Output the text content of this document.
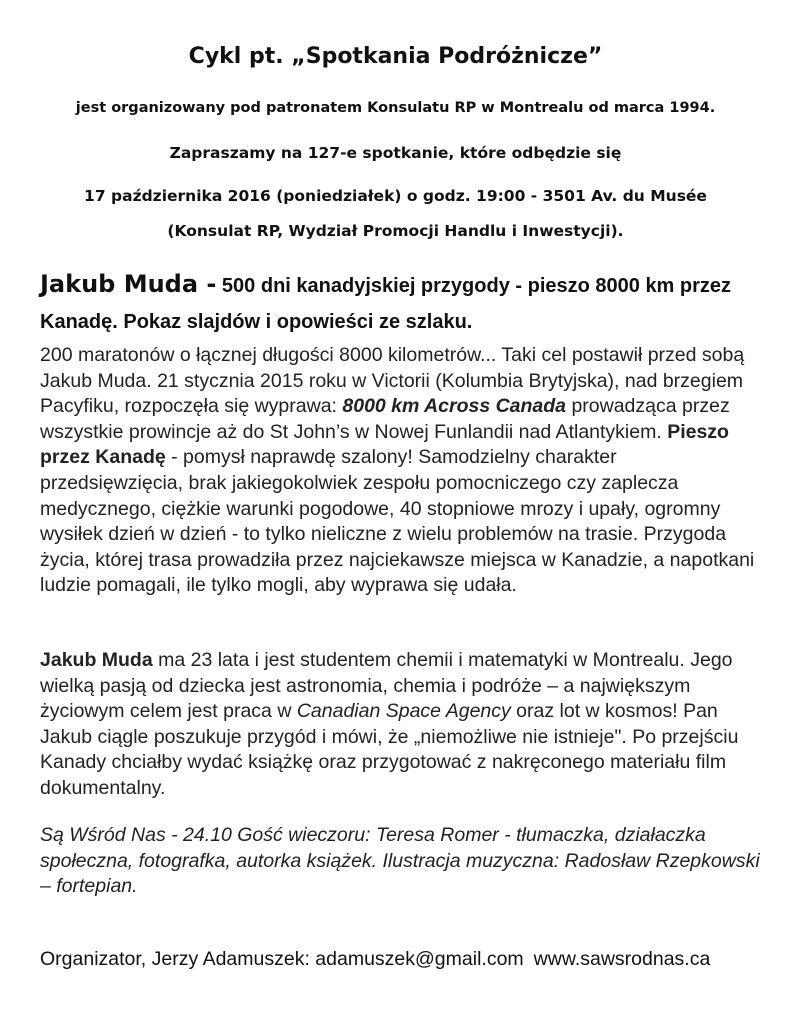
Cykl pt. „Spotkania Podróżnicze”
jest organizowany pod patronatem Konsulatu RP w Montrealu od marca 1994.
Zapraszamy na 127-e spotkanie, które odbędzie się
17 października 2016 (poniedziałek) o godz. 19:00 - 3501 Av. du Musée
(Konsulat RP, Wydział Promocji Handlu i Inwestycji).
Jakub Muda - 500 dni kanadyjskiej przygody - pieszo 8000 km przez Kanadę. Pokaz slajdów i opowieści ze szlaku.
200 maratonów o łącznej długości 8000 kilometrów... Taki cel postawił przed sobą Jakub Muda. 21 stycznia 2015 roku w Victorii (Kolumbia Brytyjska), nad brzegiem Pacyfiku, rozpoczęła się wyprawa: 8000 km Across Canada prowadząca przez wszystkie prowincje aż do St John’s w Nowej Funlandii nad Atlantykiem. Pieszo przez Kanadę - pomysł naprawdę szalony! Samodzielny charakter przedsięwzięcia, brak jakiegokolwiek zespołu pomocniczego czy zaplecza medycznego, ciężkie warunki pogodowe, 40 stopniowe mrozy i upały, ogromny wysiłek dzień w dzień - to tylko nieliczne z wielu problemów na trasie. Przygoda życia, której trasa prowadziła przez najciekawsze miejsca w Kanadzie, a napotkani ludzie pomagali, ile tylko mogli, aby wyprawa się udała.
Jakub Muda ma 23 lata i jest studentem chemii i matematyki w Montrealu. Jego wielką pasją od dziecka jest astronomia, chemia i podróże – a największym życiowym celem jest praca w Canadian Space Agency oraz lot w kosmos! Pan Jakub ciągle poszukuje przygód i mówi, że „niemożliwe nie istnieje". Po przejściu Kanady chciałby wydać książkę oraz przygotować z nakręconego materiału film dokumentalny.
Są Wśród Nas - 24.10 Gość wieczoru: Teresa Romer - tłumaczka, działaczka społeczna, fotografka, autorka książek. Ilustracja muzyczna: Radosław Rzepkowski – fortepian.
Organizator, Jerzy Adamuszek: adamuszek@gmail.com www.sawsrodnas.ca
